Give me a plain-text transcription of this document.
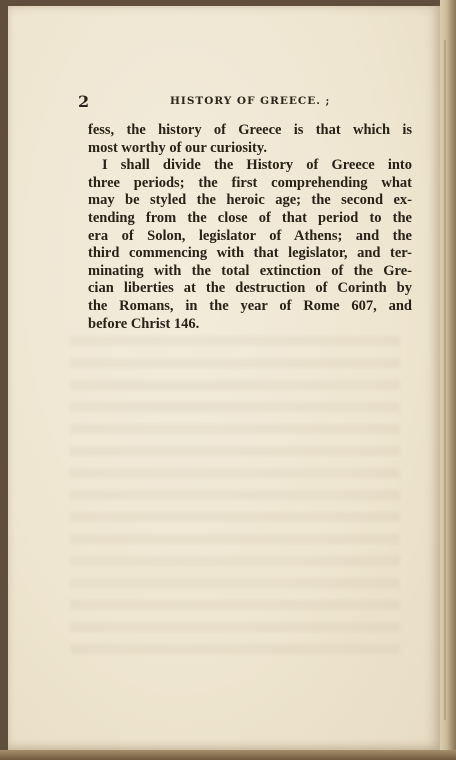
2	HISTORY OF GREECE. ;

fess, the history of Greece is that which is
most worthy of our curiosity.

I shall divide the History of Greece into
three periods; the first comprehending what
may be styled the heroic age; the second ex-
tending from the close of that period to the
era of Solon, legislator of Athens; and the
third commencing with that legislator, and ter-
minating with the total extinction of the Gre-
cian liberties at the destruction of Corinth by
the Romans, in the year of Rome 607, and
before Christ 146.
